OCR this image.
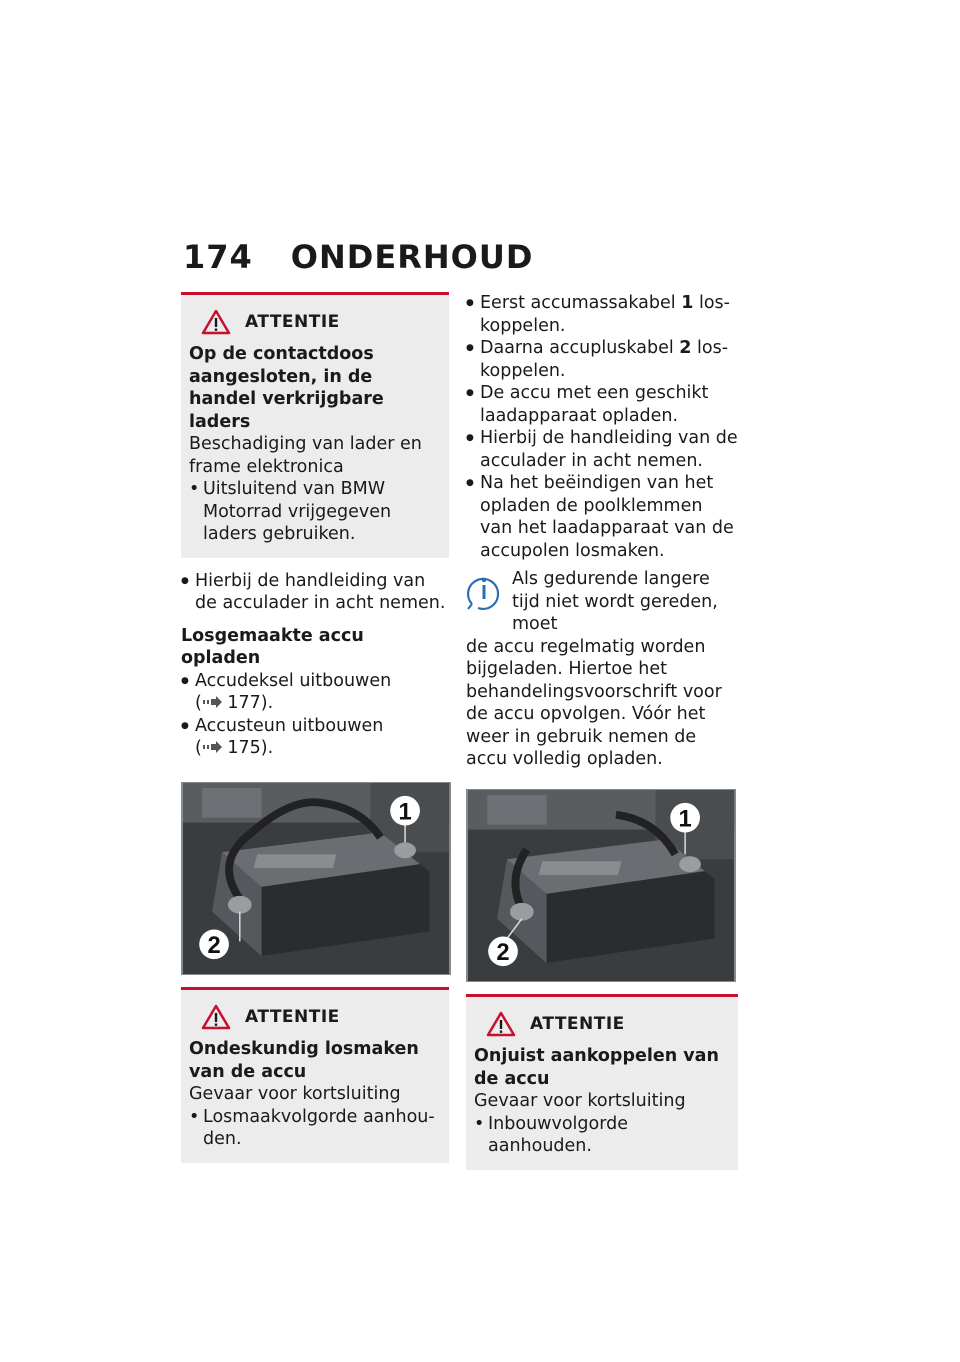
174 ONDERHOUD
ATTENTIE
Op de contactdoos aangesloten, in de handel verkrijgbare laders
Beschadiging van lader en frame elektronica
• Uitsluitend van BMW Motorrad vrijgegeven laders gebruiken.
● Hierbij de handleiding van de acculader in acht nemen.
Losgemaakte accu opladen
● Accudeksel uitbouwen
( 177).
● Accusteun uitbouwen
( 175).
1
2
ATTENTIE
Ondeskundig losmaken van de accu
Gevaar voor kortsluiting
• Losmaakvolgorde aanhouden.
● Eerst accumassakabel 1 loskoppelen.
● Daarna accupluskabel 2 loskoppelen.
● De accu met een geschikt laadapparaat opladen.
● Hierbij de handleiding van de acculader in acht nemen.
● Na het beëindigen van het opladen de poolklemmen van het laadapparaat van de accupolen losmaken.
Als gedurende langere tijd niet wordt gereden, moet
de accu regelmatig worden bijgeladen. Hiertoe het behandelingsvoorschrift voor de accu opvolgen. Vóór het weer in gebruik nemen de accu volledig opladen.
1
2
ATTENTIE
Onjuist aankoppelen van de accu
Gevaar voor kortsluiting
• Inbouwvolgorde aanhouden.
